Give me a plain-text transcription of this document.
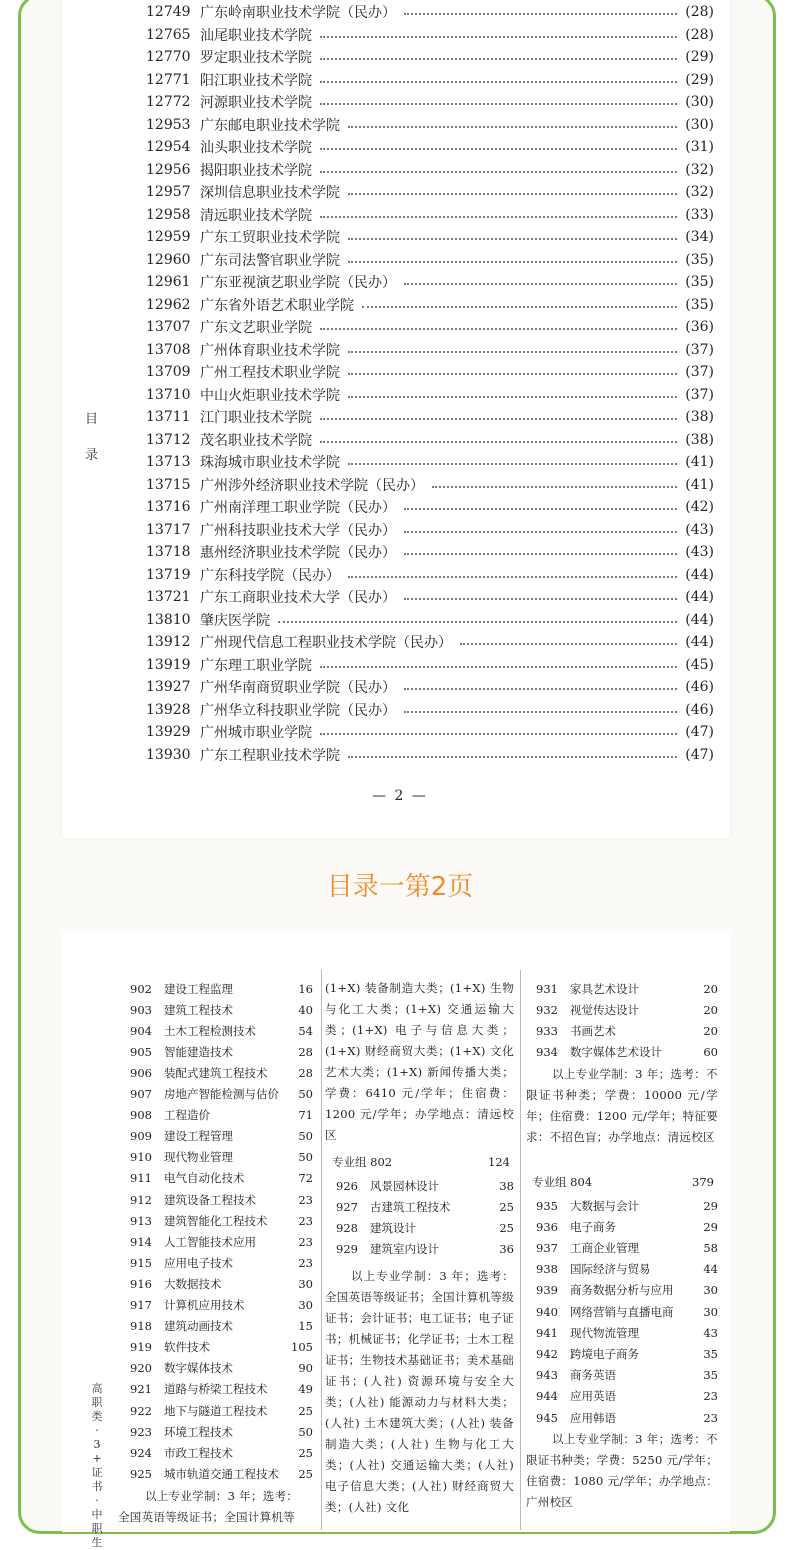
目
录
12749 广东岭南职业技术学院（民办）	(28)
12765 汕尾职业技术学院	(28)
12770 罗定职业技术学院	(29)
12771 阳江职业技术学院	(29)
12772 河源职业技术学院	(30)
12953 广东邮电职业技术学院	(30)
12954 汕头职业技术学院	(31)
12956 揭阳职业技术学院	(32)
12957 深圳信息职业技术学院	(32)
12958 清远职业技术学院	(33)
12959 广东工贸职业技术学院	(34)
12960 广东司法警官职业学院	(35)
12961 广东亚视演艺职业学院（民办）	(35)
12962 广东省外语艺术职业学院	(35)
13707 广东文艺职业学院	(36)
13708 广州体育职业技术学院	(37)
13709 广州工程技术职业学院	(37)
13710 中山火炬职业技术学院	(37)
13711 江门职业技术学院	(38)
13712 茂名职业技术学院	(38)
13713 珠海城市职业技术学院	(41)
13715 广州涉外经济职业技术学院（民办）	(41)
13716 广州南洋理工职业学院（民办）	(42)
13717 广州科技职业技术大学（民办）	(43)
13718 惠州经济职业技术学院（民办）	(43)
13719 广东科技学院（民办）	(44)
13721 广东工商职业技术大学（民办）	(44)
13810 肇庆医学院	(44)
13912 广州现代信息工程职业技术学院（民办）	(44)
13919 广东理工职业学院	(45)
13927 广州华南商贸职业学院（民办）	(46)
13928 广州华立科技职业学院（民办）	(46)
13929 广州城市职业学院	(47)
13930 广东工程职业技术学院	(47)
— 2 —
目录一第2页
高
职
类
·
3
+
证
书
·
中
职
生
902	建设工程监理	16
903	建筑工程技术	40
904	土木工程检测技术	54
905	智能建造技术	28
906	装配式建筑工程技术	28
907	房地产智能检测与估价	50
908	工程造价	71
909	建设工程管理	50
910	现代物业管理	50
911	电气自动化技术	72
912	建筑设备工程技术	23
913	建筑智能化工程技术	23
914	人工智能技术应用	23
915	应用电子技术	23
916	大数据技术	30
917	计算机应用技术	30
918	建筑动画技术	15
919	软件技术	105
920	数字媒体技术	90
921	道路与桥梁工程技术	49
922	地下与隧道工程技术	25
923	环境工程技术	50
924	市政工程技术	25
925	城市轨道交通工程技术	25
以上专业学制：3 年；选考：
全国英语等级证书；全国计算机等
(1+X) 装备制造大类；(1+X) 生物与化工大类；(1+X) 交通运输大类；(1+X) 电子与信息大类；(1+X) 财经商贸大类；(1+X) 文化艺术大类；(1+X) 新闻传播大类；学费：6410 元/学年；住宿费：1200 元/学年；办学地点：清远校区
专业组 802	124
926	风景园林设计	38
927	古建筑工程技术	25
928	建筑设计	25
929	建筑室内设计	36
以上专业学制：3 年；选考：全国英语等级证书；全国计算机等级证书；会计证书；电工证书；电子证书；机械证书；化学证书；土木工程证书；生物技术基础证书；美术基础证书；(人社) 资源环境与安全大类；(人社) 能源动力与材料大类；(人社) 土木建筑大类；(人社) 装备制造大类；(人社) 生物与化工大类；(人社) 交通运输大类；(人社) 电子信息大类；(人社) 财经商贸大类；(人社) 文化
931	家具艺术设计	20
932	视觉传达设计	20
933	书画艺术	20
934	数字媒体艺术设计	60
以上专业学制：3 年；选考：不限证书种类；学费：10000 元/学年；住宿费：1200 元/学年；特征要求：不招色盲；办学地点：清远校区
专业组 804	379
935	大数据与会计	29
936	电子商务	29
937	工商企业管理	58
938	国际经济与贸易	44
939	商务数据分析与应用	30
940	网络营销与直播电商	30
941	现代物流管理	43
942	跨境电子商务	35
943	商务英语	35
944	应用英语	23
945	应用韩语	23
以上专业学制：3 年；选考：不限证书种类；学费：5250 元/学年；住宿费：1080 元/学年；办学地点：广州校区
